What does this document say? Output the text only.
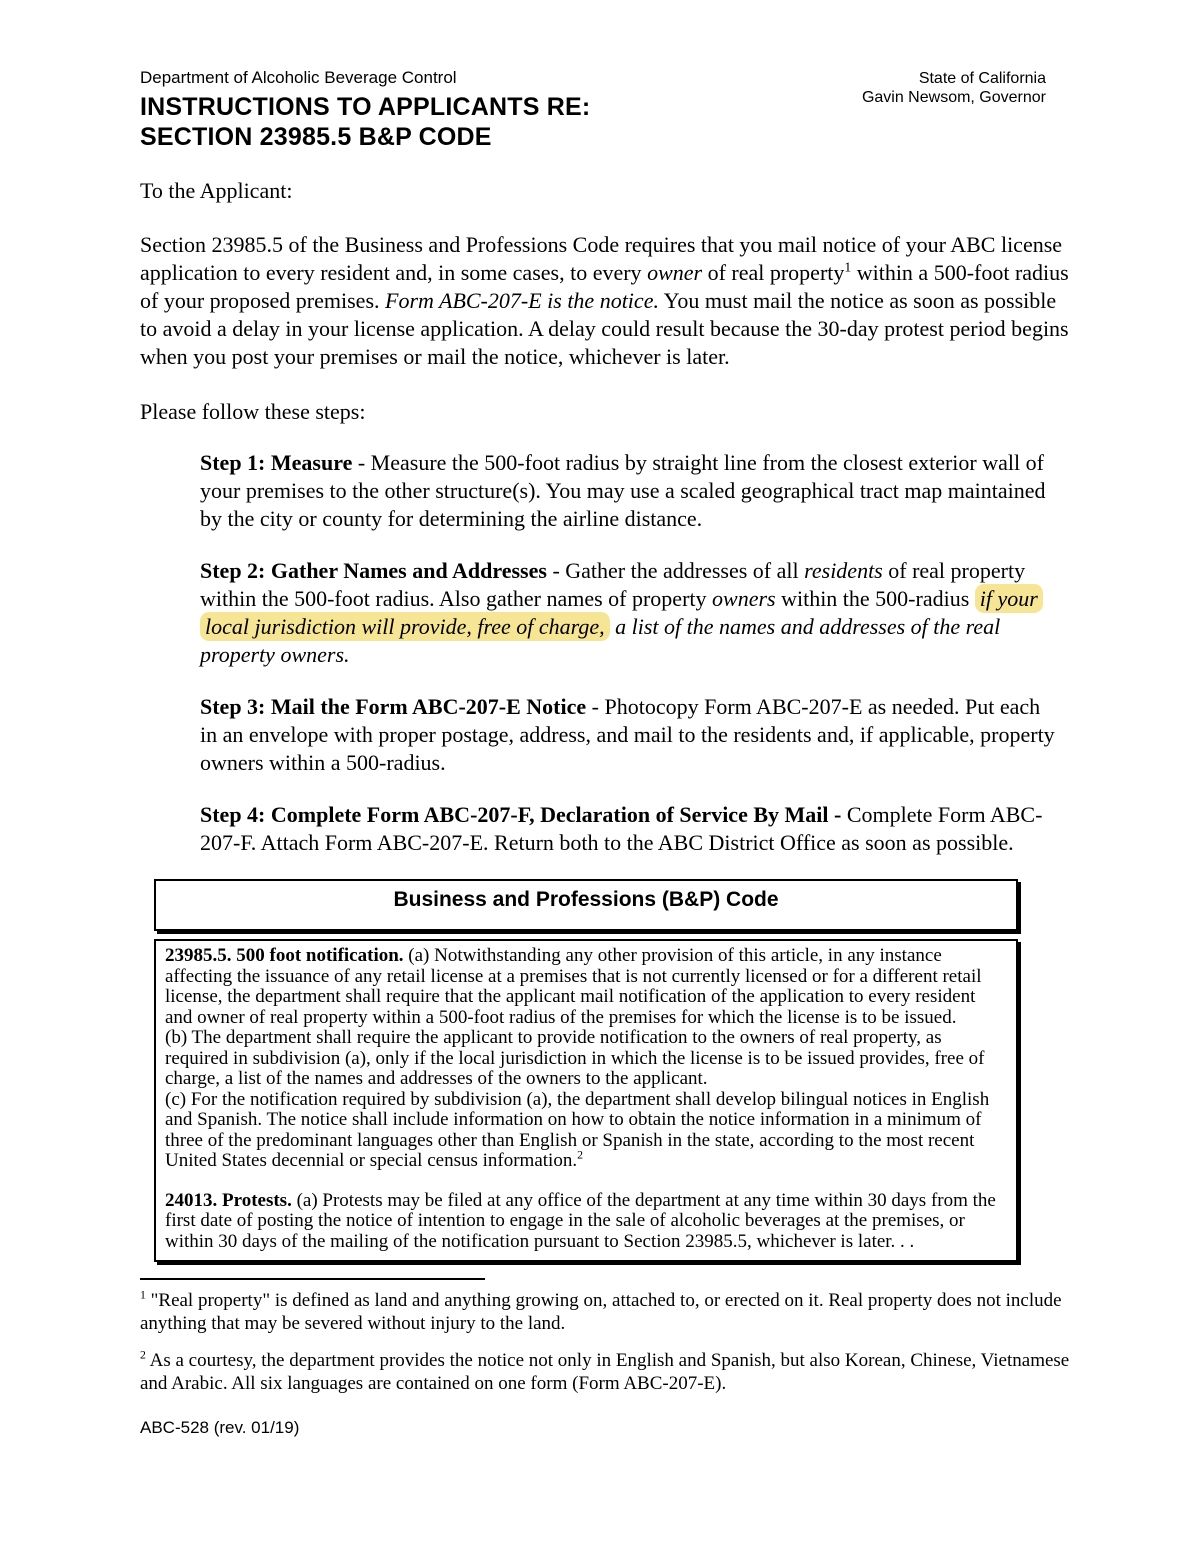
Department of Alcoholic Beverage Control
INSTRUCTIONS TO APPLICANTS RE:
SECTION 23985.5 B&P CODE
State of California
Gavin Newsom, Governor
To the Applicant:
Section 23985.5 of the Business and Professions Code requires that you mail notice of your ABC license application to every resident and, in some cases, to every owner of real property$^1$ within a 500-foot radius of your proposed premises. Form ABC-207-E is the notice. You must mail the notice as soon as possible to avoid a delay in your license application. A delay could result because the 30-day protest period begins when you post your premises or mail the notice, whichever is later.
Please follow these steps:
Step 1: Measure - Measure the 500-foot radius by straight line from the closest exterior wall of your premises to the other structure(s). You may use a scaled geographical tract map maintained by the city or county for determining the airline distance.
Step 2: Gather Names and Addresses - Gather the addresses of all residents of real property within the 500-foot radius. Also gather names of property owners within the 500-radius if your local jurisdiction will provide, free of charge, a list of the names and addresses of the real property owners.
Step 3: Mail the Form ABC-207-E Notice - Photocopy Form ABC-207-E as needed. Put each in an envelope with proper postage, address, and mail to the residents and, if applicable, property owners within a 500-radius.
Step 4: Complete Form ABC-207-F, Declaration of Service By Mail - Complete Form ABC-207-F. Attach Form ABC-207-E. Return both to the ABC District Office as soon as possible.
Business and Professions (B&P) Code
23985.5. 500 foot notification. (a) Notwithstanding any other provision of this article, in any instance affecting the issuance of any retail license at a premises that is not currently licensed or for a different retail license, the department shall require that the applicant mail notification of the application to every resident and owner of real property within a 500-foot radius of the premises for which the license is to be issued.
(b) The department shall require the applicant to provide notification to the owners of real property, as required in subdivision (a), only if the local jurisdiction in which the license is to be issued provides, free of charge, a list of the names and addresses of the owners to the applicant.
(c) For the notification required by subdivision (a), the department shall develop bilingual notices in English and Spanish. The notice shall include information on how to obtain the notice information in a minimum of three of the predominant languages other than English or Spanish in the state, according to the most recent United States decennial or special census information.$^2$
24013. Protests. (a) Protests may be filed at any office of the department at any time within 30 days from the first date of posting the notice of intention to engage in the sale of alcoholic beverages at the premises, or within 30 days of the mailing of the notification pursuant to Section 23985.5, whichever is later. . .
$^1$ "Real property" is defined as land and anything growing on, attached to, or erected on it. Real property does not include anything that may be severed without injury to the land.
$^2$ As a courtesy, the department provides the notice not only in English and Spanish, but also Korean, Chinese, Vietnamese and Arabic. All six languages are contained on one form (Form ABC-207-E).
ABC-528 (rev. 01/19)
